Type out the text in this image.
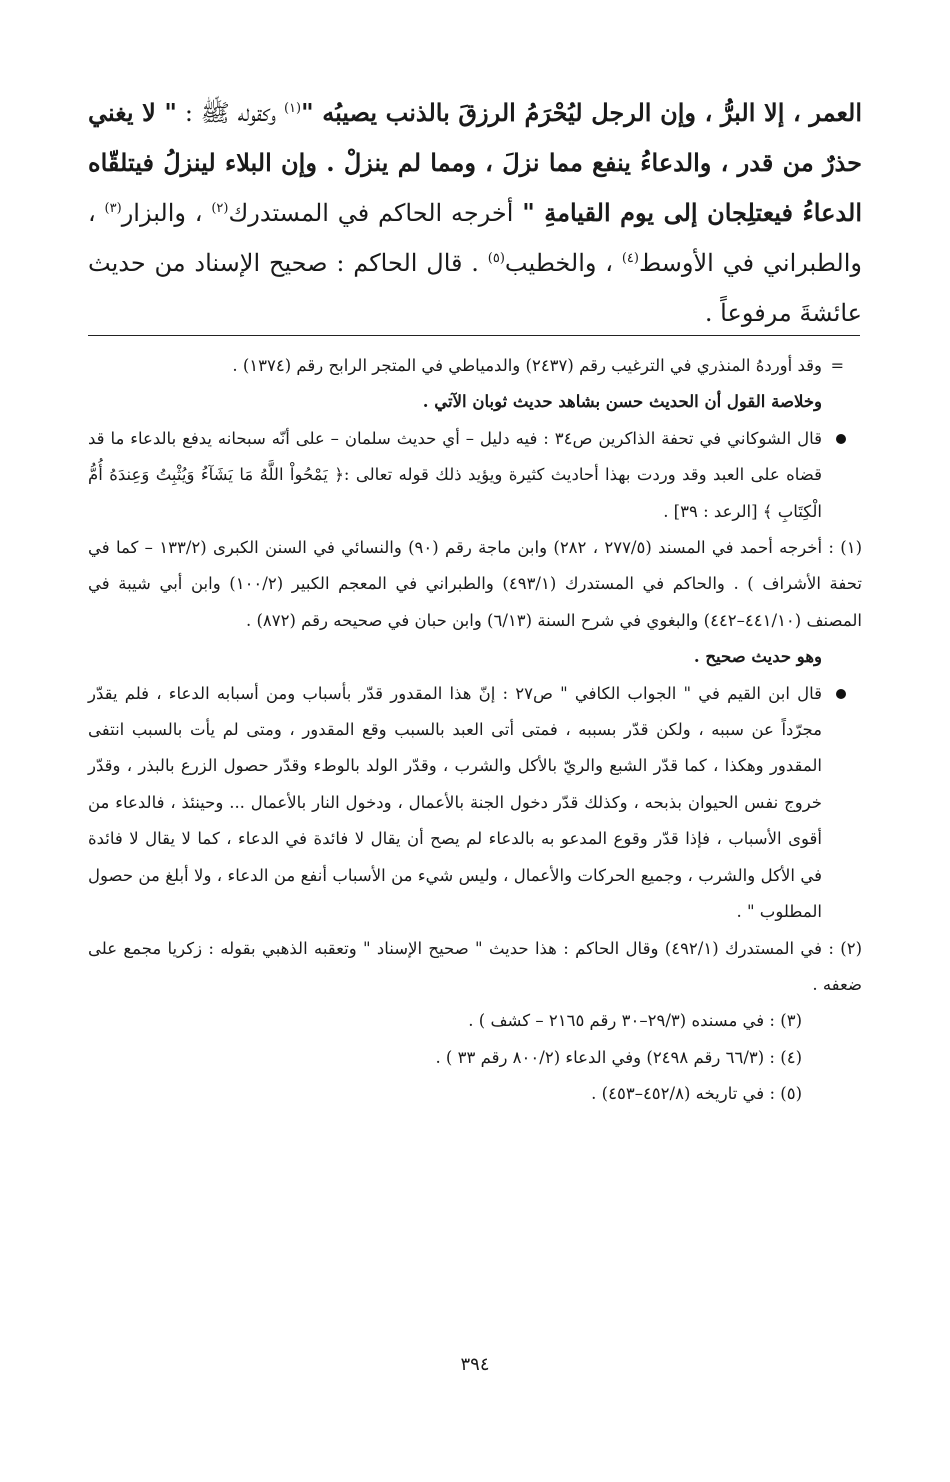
العمر ، إلا البرُّ ، وإن الرجل ليُحْرَمُ الرزقَ بالذنب يصيبُه "$^{(١)}$ وكقوله ﷺ : " لا يغني حذرٌ من قدر ، والدعاءُ ينفع مما نزلَ ، ومما لم ينزلْ . وإن البلاء لينزلُ فيتلقّاه الدعاءُ فيعتلِجان إلى يوم القيامةِ " أخرجه الحاكم في المستدرك$^{(٢)}$ ، والبزار$^{(٣)}$ ، والطبراني في الأوسط$^{(٤)}$ ، والخطيب$^{(٥)}$ . قال الحاكم : صحيح الإسناد من حديث عائشةَ مرفوعاً .

=
وقد أوردهُ المنذري في الترغيب رقم (٢٤٣٧) والدمياطي في المتجر الرابح رقم (١٣٧٤) .

وخلاصة القول أن الحديث حسن بشاهد حديث ثوبان الآتي .

قال الشوكاني في تحفة الذاكرين ص٣٤ : فيه دليل – أي حديث سلمان – على أنّه سبحانه يدفع بالدعاء ما قد قضاه على العبد وقد وردت بهذا أحاديث كثيرة ويؤيد ذلك قوله تعالى :﴿ يَمْحُواْ اللَّهُ مَا يَشَآءُ وَيُثْبِتُ وَعِندَهُ أُمُّ الْكِتَابِ ﴾ [الرعد : ٣٩] .

(١) : أخرجه أحمد في المسند (٢٧٧/٥ ، ٢٨٢) وابن ماجة رقم (٩٠) والنسائي في السنن الكبرى (١٣٣/٢ – كما في تحفة الأشراف ) . والحاكم في المستدرك (٤٩٣/١) والطبراني في المعجم الكبير (١٠٠/٢) وابن أبي شيبة في المصنف (٤٤١/١٠–٤٤٢) والبغوي في شرح السنة (٦/١٣) وابن حبان في صحيحه رقم (٨٧٢) .

وهو حديث صحيح .

قال ابن القيم في " الجواب الكافي " ص٢٧ : إنّ هذا المقدور قدّر بأسباب ومن أسبابه الدعاء ، فلم يقدّر مجرّداً عن سببه ، ولكن قدّر بسببه ، فمتى أتى العبد بالسبب وقع المقدور ، ومتى لم يأت بالسبب انتفى المقدور وهكذا ، كما قدّر الشبع والريّ بالأكل والشرب ، وقدّر الولد بالوطء وقدّر حصول الزرع بالبذر ، وقدّر خروج نفس الحيوان بذبحه ، وكذلك قدّر دخول الجنة بالأعمال ، ودخول النار بالأعمال ... وحينئذ ، فالدعاء من أقوى الأسباب ، فإذا قدّر وقوع المدعو به بالدعاء لم يصح أن يقال لا فائدة في الدعاء ، كما لا يقال لا فائدة في الأكل والشرب ، وجميع الحركات والأعمال ، وليس شيء من الأسباب أنفع من الدعاء ، ولا أبلغ من حصول المطلوب " .

(٢) : في المستدرك (٤٩٢/١) وقال الحاكم : هذا حديث " صحيح الإسناد " وتعقبه الذهبي بقوله : زكريا مجمع على ضعفه .

(٣) : في مسنده (٢٩/٣–٣٠ رقم ٢١٦٥ – كشف ) .

(٤) : (٦٦/٣ رقم ٢٤٩٨) وفي الدعاء (٨٠٠/٢ رقم ٣٣ ) .

(٥) : في تاريخه (٤٥٢/٨–٤٥٣) .

٣٩٤
